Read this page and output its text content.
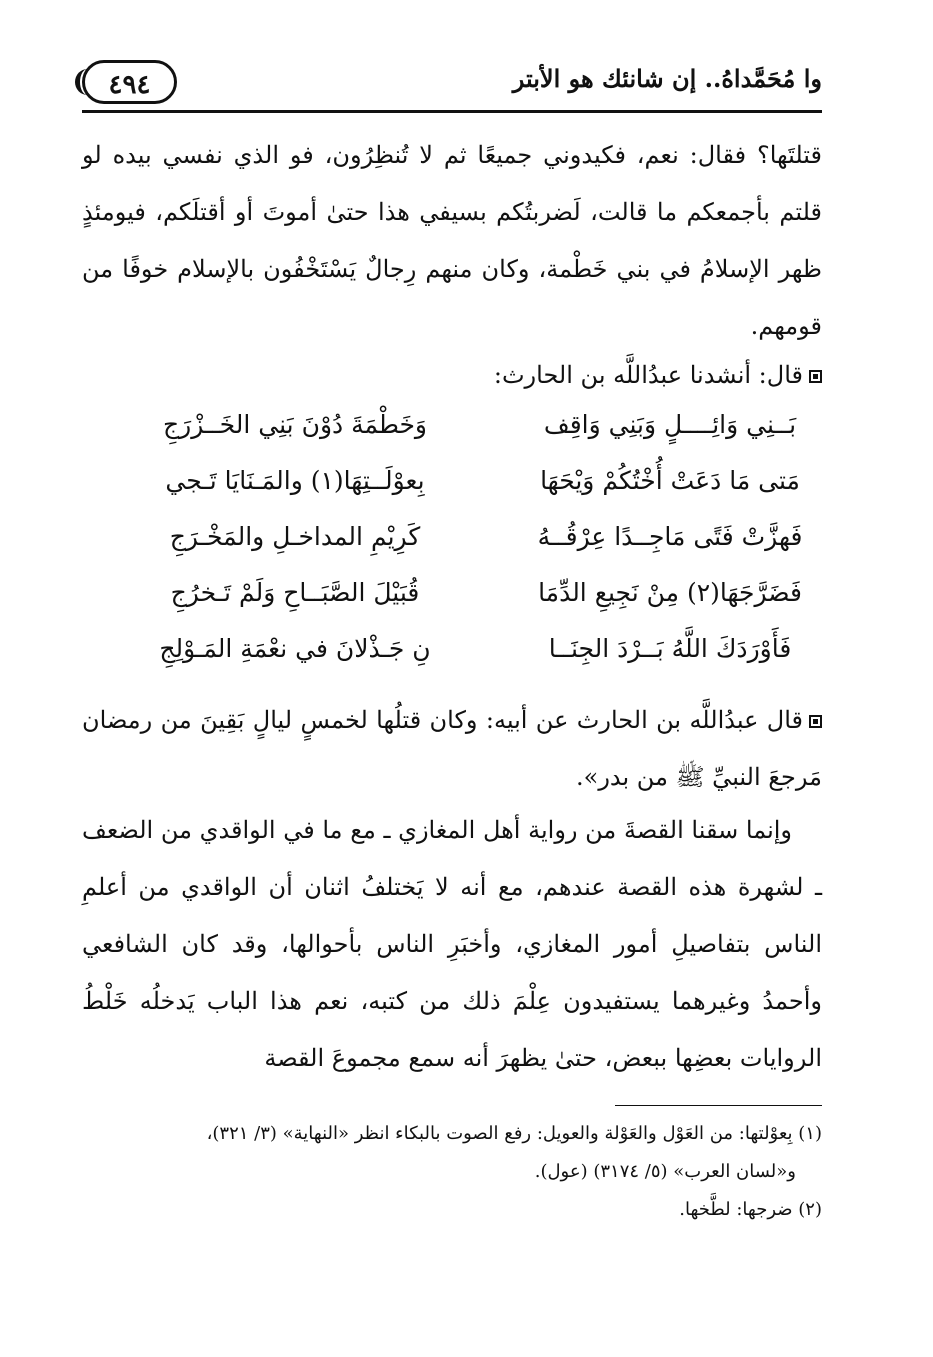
٤٩٤	وا مُحَمَّداهُ.. إن شانئك هو الأبتر
قتلتَها؟ فقال: نعم، فكيدوني جميعًا ثم لا تُنظِرُون، فو الذي نفسي بيده لو قلتم بأجمعكم ما قالت، لَضربتُكم بسيفي هذا حتىٰ أموتَ أو أقتلَكم، فيومئذٍ ظهر الإسلامُ في بني خَطْمة، وكان منهم رِجالٌ يَسْتَخْفُون بالإسلام خوفًا من قومهم.
قال: أنشدنا عبدُاللَّه بن الحارث:
بَــنِي وَائِــــلٍ وَبَنِي وَاقِف
وَخَطْمَةَ دُوْنَ بَنِي الخَــزْرَجِ
مَتى مَا دَعَتْ أُخْتُكُمْ وَيْحَهَا
بِعوْلَــتِهَا(١) والمَـنَايَا تَـجي
فَهزَّتْ فَتًى مَاجِــدًا عِرْقُــهُ
كَرِيْمِ المداخـلِ والمَخْـرَجِ
فَضَرَّجَهَا(٢) مِنْ نَجِيعِ الدِّمَا
قُبَيْلَ الصَّبَــاحِ وَلَمْ تَـخرُجِ
فَأَوْرَدَكَ اللَّهُ بَــرْدَ الجِنَــا
نِ جَـذْلانَ في نعْمَةِ المَـوْلِجِ
قال عبدُاللَّه بن الحارث عن أبيه: وكان قتلُها لخمسٍ ليالٍ بَقِينَ من رمضان مَرجعَ النبيِّ ﷺ من بدر».
وإنما سقنا القصةَ من رواية أهل المغازي ـ مع ما في الواقدي من الضعف ـ لشهرة هذه القصة عندهم، مع أنه لا يَختلفُ اثنان أن الواقدي من أعلمِ الناس بتفاصيلِ أمور المغازي، وأخبَرِ الناس بأحوالها، وقد كان الشافعي وأحمدُ وغيرهما يستفيدون عِلْمَ ذلك من كتبه، نعم هذا الباب يَدخلُه خَلْطُ الروايات بعضِها ببعض، حتىٰ يظهرَ أنه سمع مجموعَ القصة
(١) بِعوْلتها: من العَوْل والعَوْلة والعويل: رفع الصوت بالبكاء انظر «النهاية» (٣/ ٣٢١)،
و«لسان العرب» (٥/ ٣١٧٤) (عول).
(٢) ضرجها: لطَّخها.
